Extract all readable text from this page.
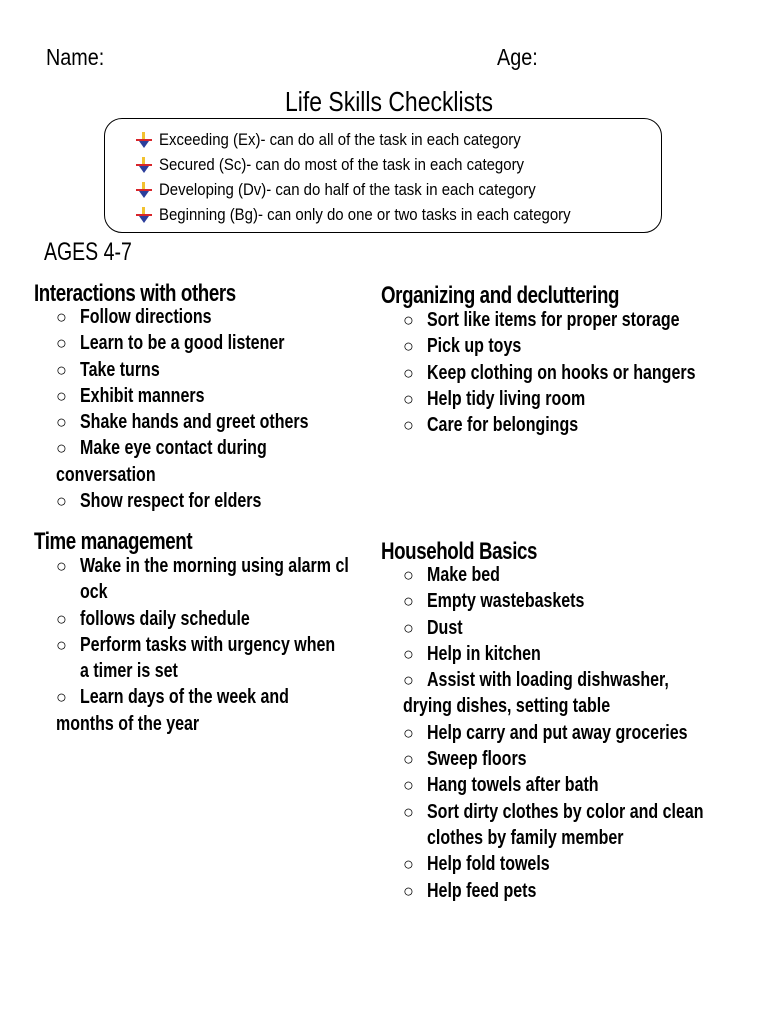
Name:	Age:
Life Skills Checklists
Exceeding (Ex)- can do all of the task in each category
Secured (Sc)- can do most of the task in each category
Developing (Dv)- can do half of the task in each category
Beginning (Bg)- can only do one or two tasks in each category
AGES 4-7
Interactions with others
○ Follow directions
○ Learn to be a good listener
○ Take turns
○ Exhibit manners
○ Shake hands and greet others
○ Make eye contact during
conversation
○ Show respect for elders
Organizing and decluttering
○ Sort like items for proper storage
○ Pick up toys
○ Keep clothing on hooks or hangers
○ Help tidy living room
○ Care for belongings
Time management
○ Wake in the morning using alarm cl
ock
○ follows daily schedule
○ Perform tasks with urgency when
a timer is set
○ Learn days of the week and
months of the year
Household Basics
○ Make bed
○ Empty wastebaskets
○ Dust
○ Help in kitchen
○ Assist with loading dishwasher,
drying dishes, setting table
○ Help carry and put away groceries
○ Sweep floors
○ Hang towels after bath
○ Sort dirty clothes by color and clean
clothes by family member
○ Help fold towels
○ Help feed pets
